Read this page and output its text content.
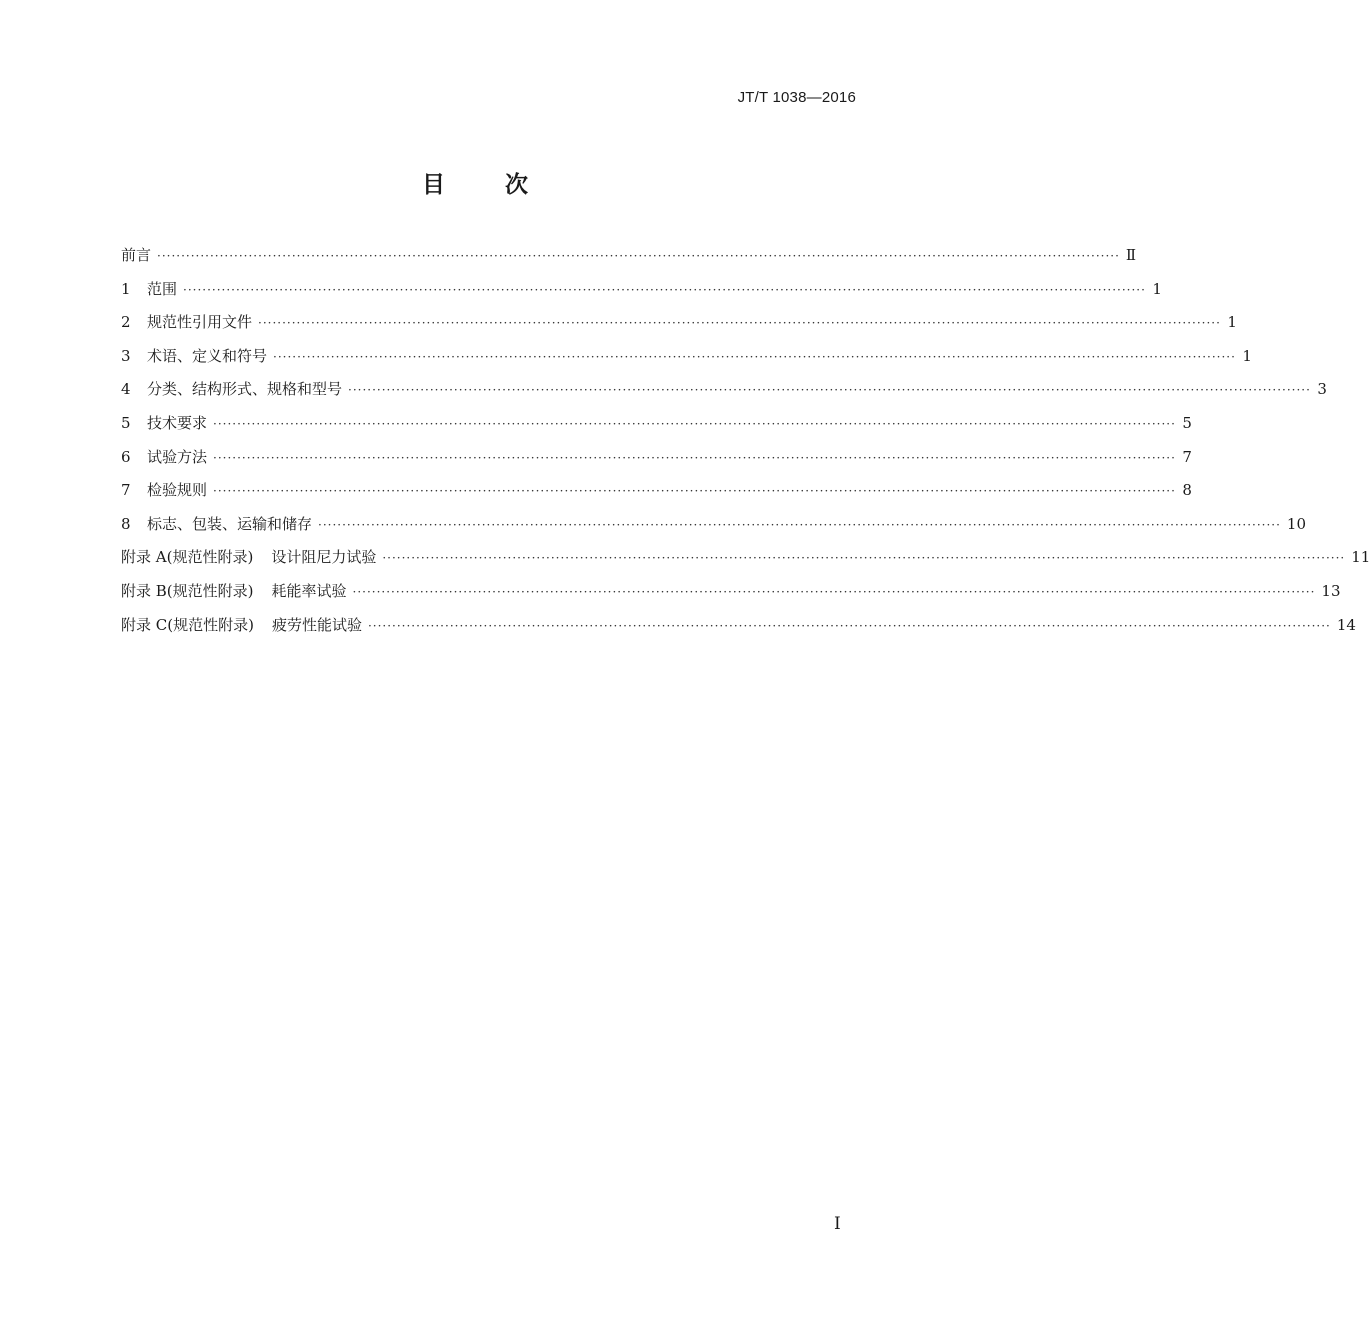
JT/T 1038—2016
目	次
前言 ········································································································································································································ Ⅱ
1	范围 ········································································································································································································ 1
2	规范性引用文件 ········································································································································································································ 1
3	术语、定义和符号 ········································································································································································································ 1
4	分类、结构形式、规格和型号 ········································································································································································································ 3
5	技术要求 ········································································································································································································ 5
6	试验方法 ········································································································································································································ 7
7	检验规则 ········································································································································································································ 8
8	标志、包装、运输和储存 ········································································································································································································ 10
附录 A(规范性附录) 设计阻尼力试验 ········································································································································································································ 11
附录 B(规范性附录) 耗能率试验 ········································································································································································································ 13
附录 C(规范性附录) 疲劳性能试验 ········································································································································································································ 14
Ⅰ
